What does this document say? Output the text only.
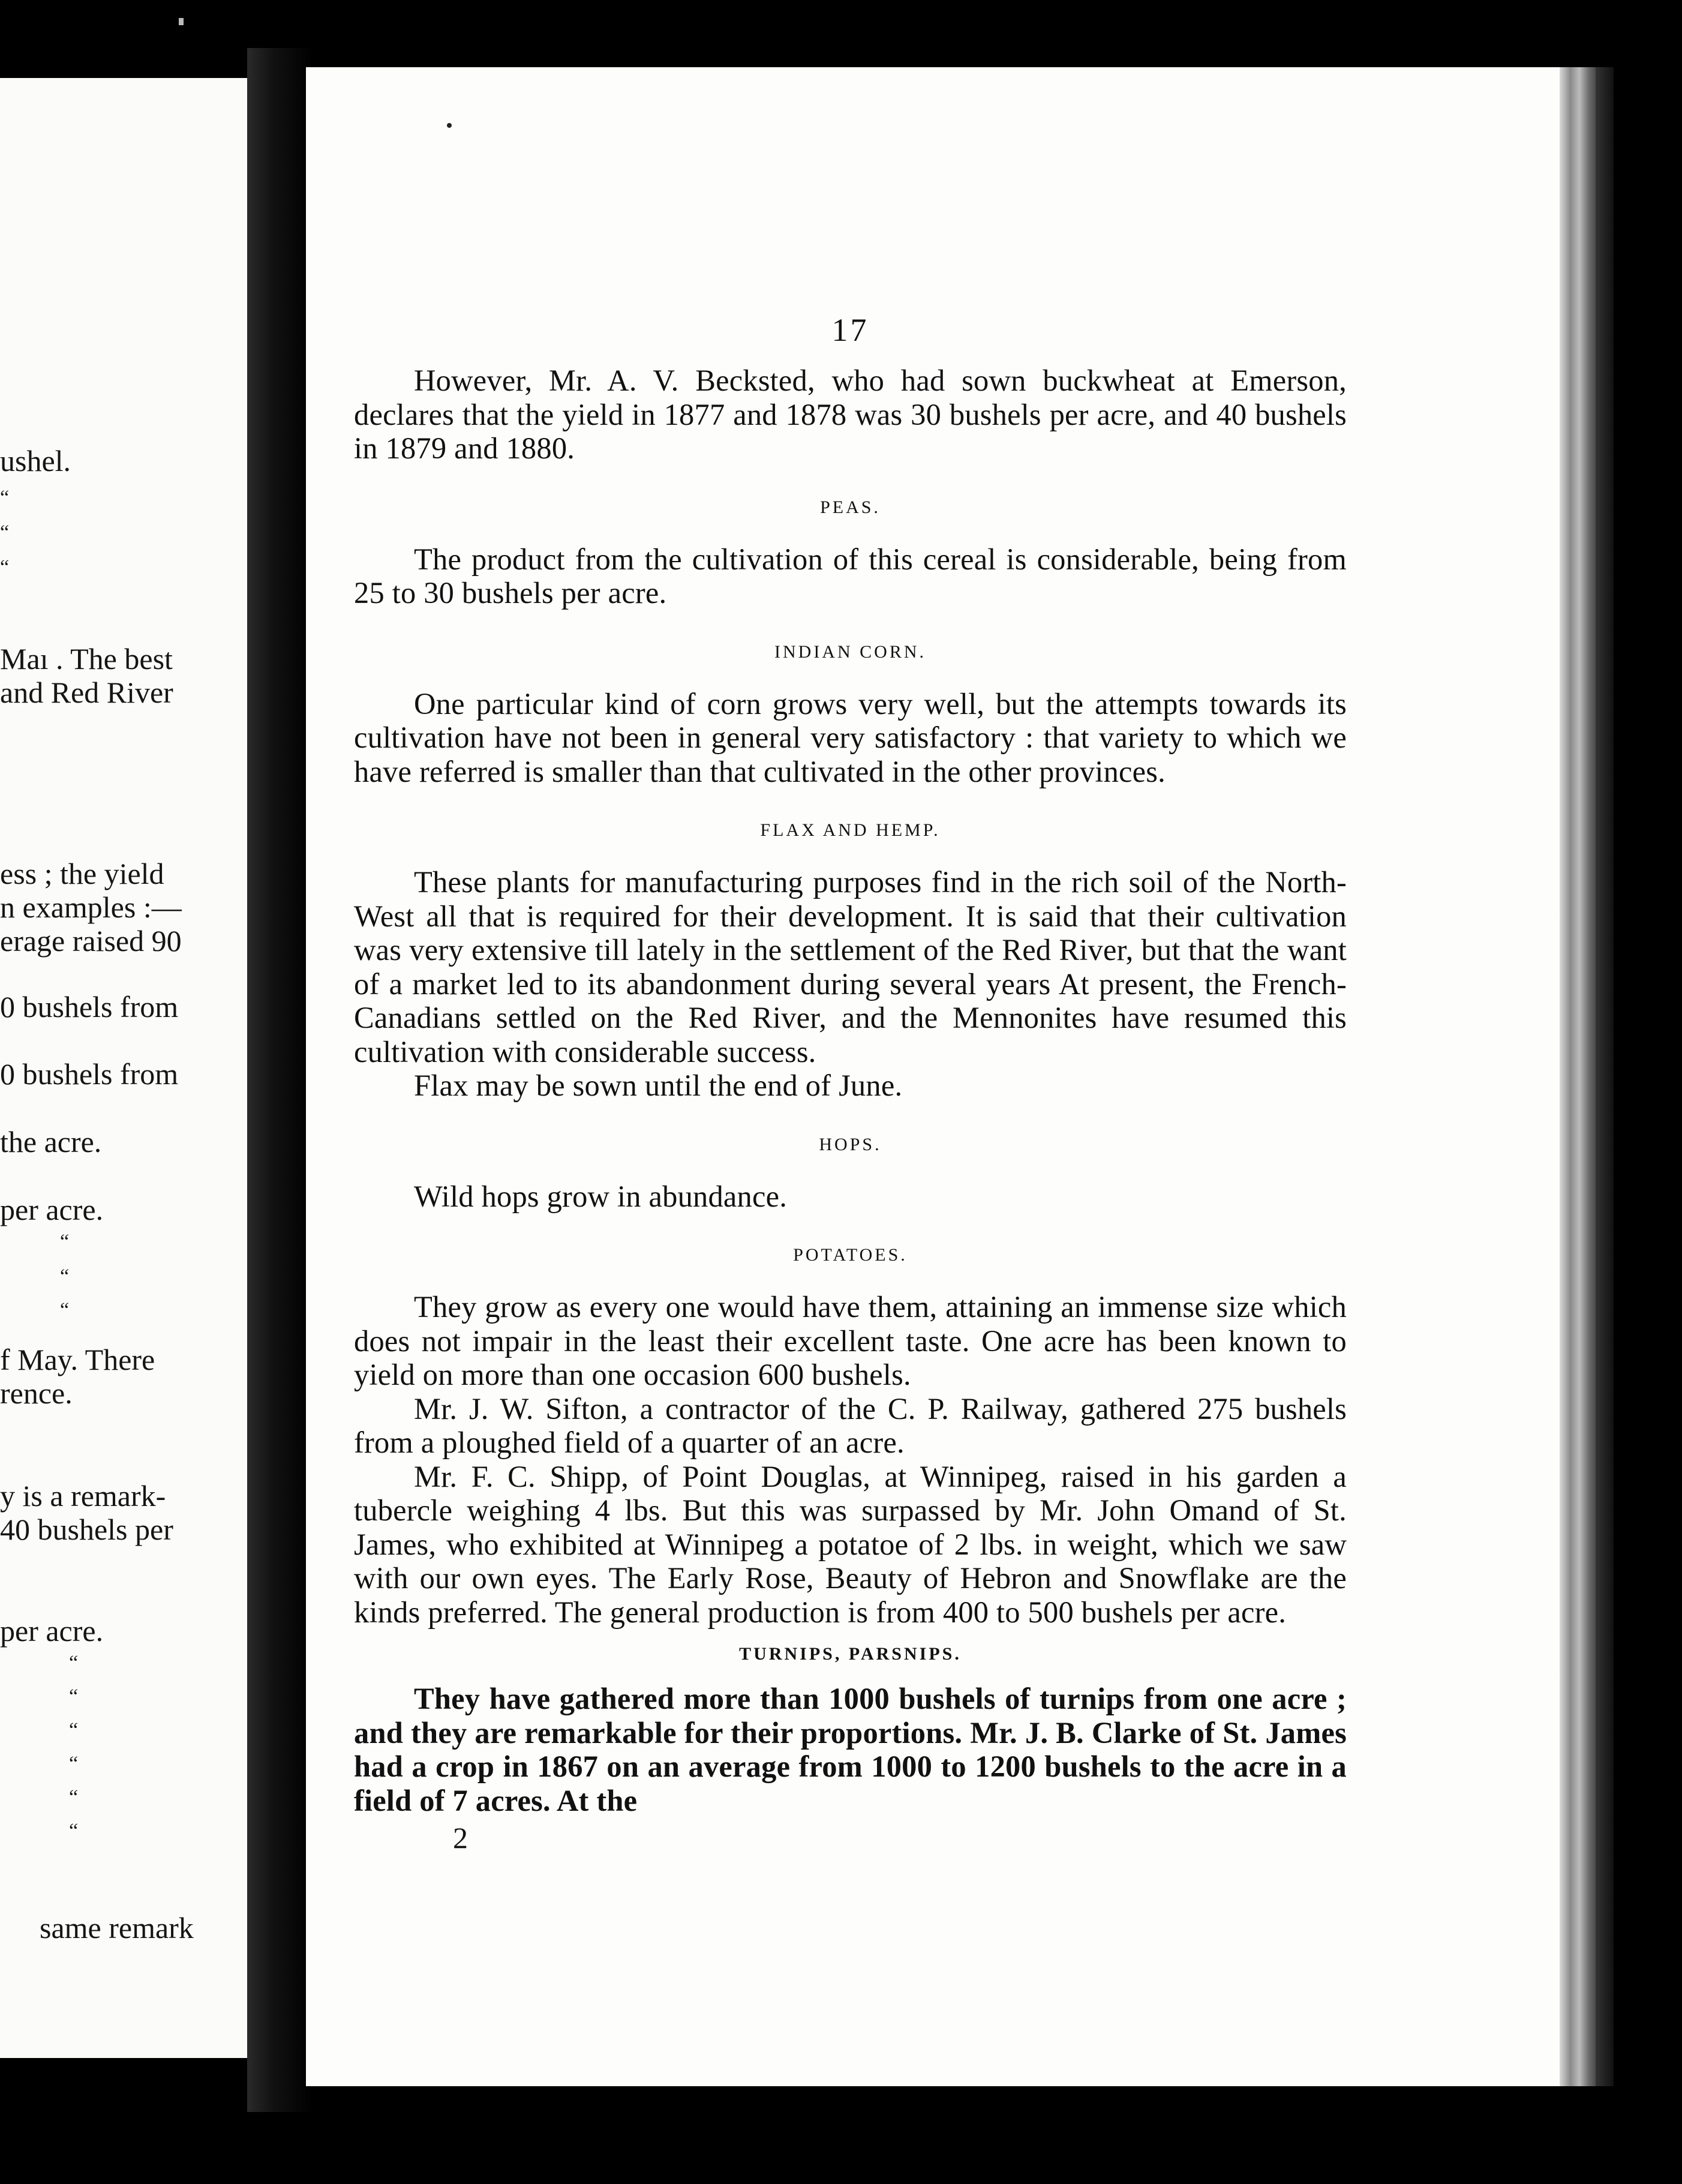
ushel.
“
“
“
Maı . The best
and Red River
ess ; the yield
n examples :—
erage raised 90
0 bushels from
0 bushels from
the acre.
per acre.
“
“
“
f May. There
rence.
y is a remark-
40 bushels per
per acre.
“
“
“
“
“
“
same remark
17

However, Mr. A. V. Becksted, who had sown buckwheat at Emerson, declares that the yield in 1877 and 1878 was 30 bushels per acre, and 40 bushels in 1879 and 1880.

PEAS.

The product from the cultivation of this cereal is considerable, being from 25 to 30 bushels per acre.

INDIAN CORN.

One particular kind of corn grows very well, but the attempts towards its cultivation have not been in general very satisfactory : that variety to which we have referred is smaller than that cultivated in the other provinces.

FLAX AND HEMP.

These plants for manufacturing purposes find in the rich soil of the North-West all that is required for their development. It is said that their cultivation was very extensive till lately in the settlement of the Red River, but that the want of a market led to its abandonment during several years At present, the French-Canadians settled on the Red River, and the Mennonites have resumed this cultivation with considerable success.

Flax may be sown until the end of June.

HOPS.

Wild hops grow in abundance.

POTATOES.

They grow as every one would have them, attaining an immense size which does not impair in the least their excellent taste. One acre has been known to yield on more than one occasion 600 bushels.

Mr. J. W. Sifton, a contractor of the C. P. Railway, gathered 275 bushels from a ploughed field of a quarter of an acre.

Mr. F. C. Shipp, of Point Douglas, at Winnipeg, raised in his garden a tubercle weighing 4 lbs. But this was surpassed by Mr. John Omand of St. James, who exhibited at Winnipeg a potatoe of 2 lbs. in weight, which we saw with our own eyes. The Early Rose, Beauty of Hebron and Snowflake are the kinds preferred. The general production is from 400 to 500 bushels per acre.

TURNIPS, PARSNIPS.

They have gathered more than 1000 bushels of turnips from one acre ; and they are remarkable for their proportions. Mr. J. B. Clarke of St. James had a crop in 1867 on an average from 1000 to 1200 bushels to the acre in a field of 7 acres. At the

2
